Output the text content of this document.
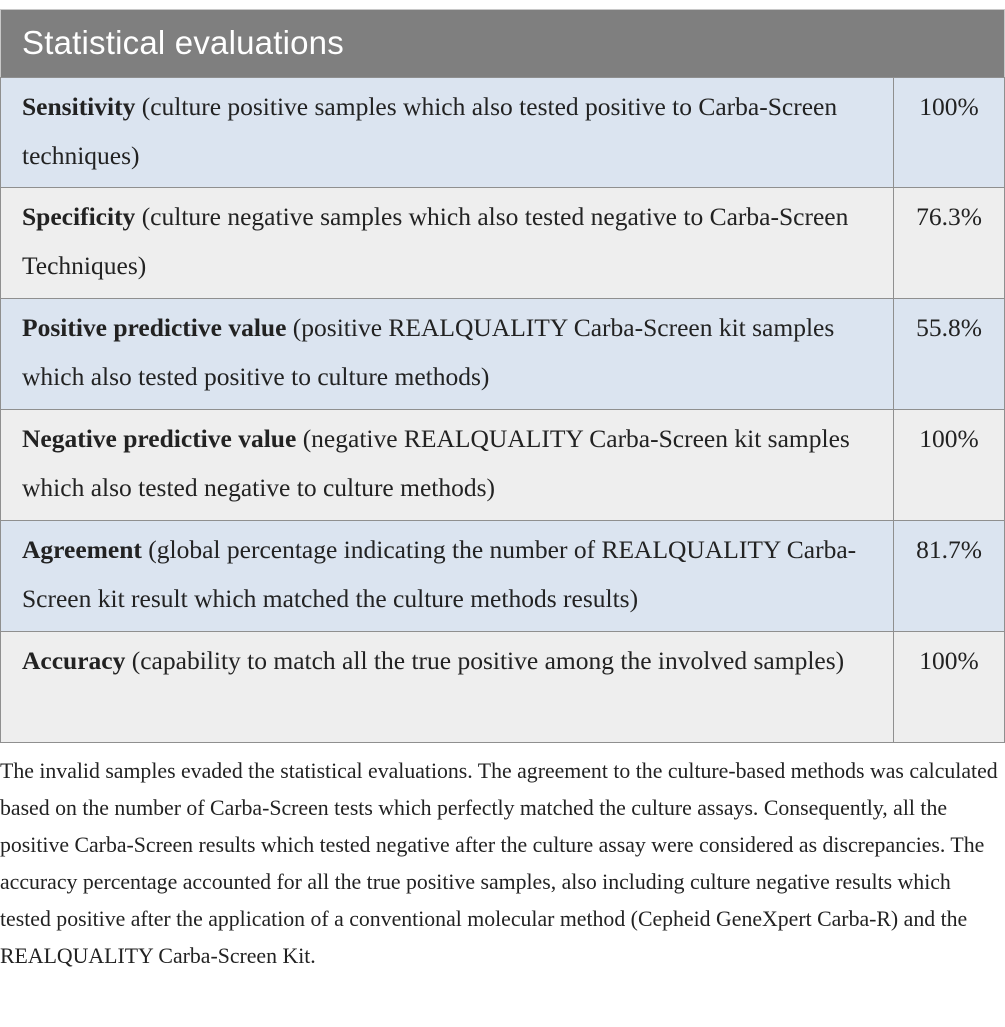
Statistical evaluations
Sensitivity (culture positive samples which also tested positive to Carba-Screen techniques)
100%
Specificity (culture negative samples which also tested negative to Carba-Screen Techniques)
76.3%
Positive predictive value (positive REALQUALITY Carba-Screen kit samples which also tested positive to culture methods)
55.8%
Negative predictive value (negative REALQUALITY Carba-Screen kit samples which also tested negative to culture methods)
100%
Agreement (global percentage indicating the number of REALQUALITY Carba-Screen kit result which matched the culture methods results)
81.7%
Accuracy (capability to match all the true positive among the involved samples)	100%
The invalid samples evaded the statistical evaluations. The agreement to the culture-based methods was calculated based on the number of Carba-Screen tests which perfectly matched the culture assays. Consequently, all the positive Carba-Screen results which tested negative after the culture assay were considered as discrepancies. The accuracy percentage accounted for all the true positive samples, also including culture negative results which tested positive after the application of a conventional molecular method (Cepheid GeneXpert Carba-R) and the REALQUALITY Carba-Screen Kit.
